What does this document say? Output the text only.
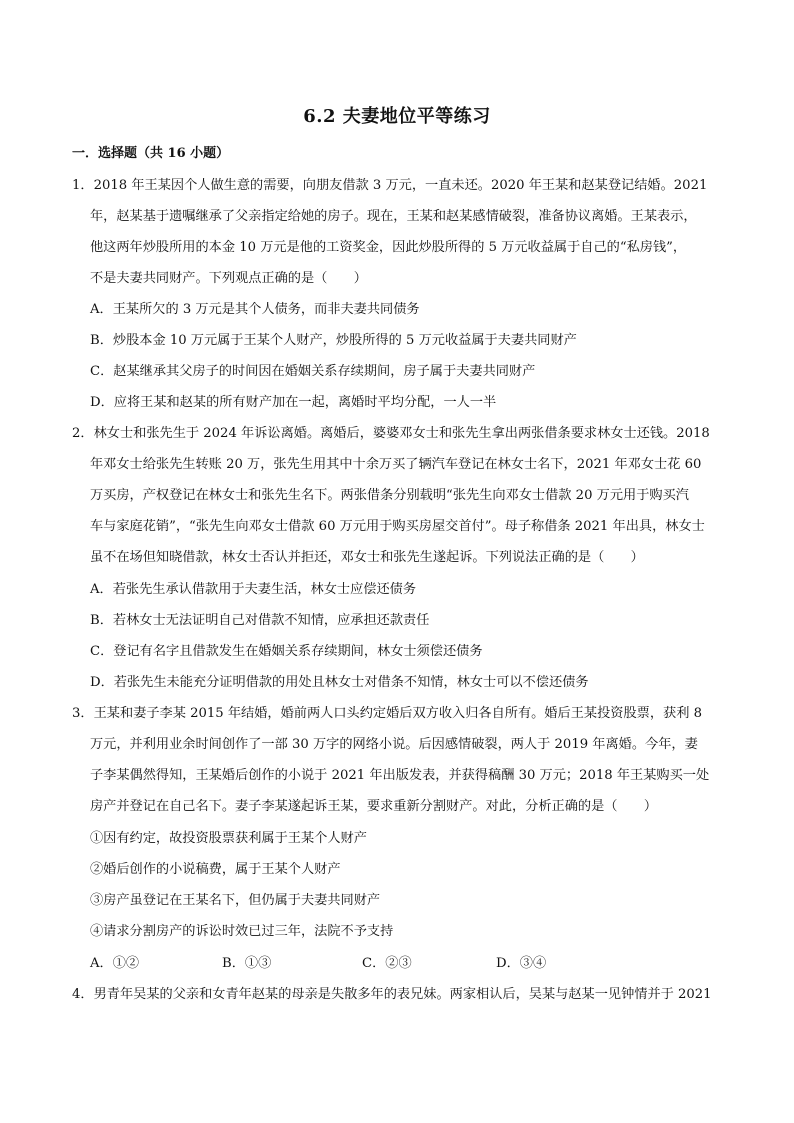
6.2 夫妻地位平等练习
一．选择题（共 16 小题）
1．2018 年王某因个人做生意的需要，向朋友借款 3 万元，一直未还。2020 年王某和赵某登记结婚。2021
年，赵某基于遗嘱继承了父亲指定给她的房子。现在，王某和赵某感情破裂，准备协议离婚。王某表示，
他这两年炒股所用的本金 10 万元是他的工资奖金，因此炒股所得的 5 万元收益属于自己的“私房钱”，
不是夫妻共同财产。下列观点正确的是（　　）
A．王某所欠的 3 万元是其个人债务，而非夫妻共同债务
B．炒股本金 10 万元属于王某个人财产，炒股所得的 5 万元收益属于夫妻共同财产
C．赵某继承其父房子的时间因在婚姻关系存续期间，房子属于夫妻共同财产
D．应将王某和赵某的所有财产加在一起，离婚时平均分配，一人一半
2．林女士和张先生于 2024 年诉讼离婚。离婚后，婆婆邓女士和张先生拿出两张借条要求林女士还钱。2018
年邓女士给张先生转账 20 万，张先生用其中十余万买了辆汽车登记在林女士名下，2021 年邓女士花 60
万买房，产权登记在林女士和张先生名下。两张借条分别载明“张先生向邓女士借款 20 万元用于购买汽
车与家庭花销”，“张先生向邓女士借款 60 万元用于购买房屋交首付”。母子称借条 2021 年出具，林女士
虽不在场但知晓借款，林女士否认并拒还，邓女士和张先生遂起诉。下列说法正确的是（　　）
A．若张先生承认借款用于夫妻生活，林女士应偿还债务
B．若林女士无法证明自己对借款不知情，应承担还款责任
C．登记有名字且借款发生在婚姻关系存续期间，林女士须偿还债务
D．若张先生未能充分证明借款的用处且林女士对借条不知情，林女士可以不偿还债务
3．王某和妻子李某 2015 年结婚，婚前两人口头约定婚后双方收入归各自所有。婚后王某投资股票，获利 8
万元，并利用业余时间创作了一部 30 万字的网络小说。后因感情破裂，两人于 2019 年离婚。今年，妻
子李某偶然得知，王某婚后创作的小说于 2021 年出版发表，并获得稿酬 30 万元；2018 年王某购买一处
房产并登记在自己名下。妻子李某遂起诉王某，要求重新分割财产。对此，分析正确的是（　　）
①因有约定，故投资股票获利属于王某个人财产
②婚后创作的小说稿费，属于王某个人财产
③房产虽登记在王某名下，但仍属于夫妻共同财产
④请求分割房产的诉讼时效已过三年，法院不予支持
A．①②	B．①③	C．②③	D．③④
4．男青年吴某的父亲和女青年赵某的母亲是失散多年的表兄妹。两家相认后，吴某与赵某一见钟情并于 2021
